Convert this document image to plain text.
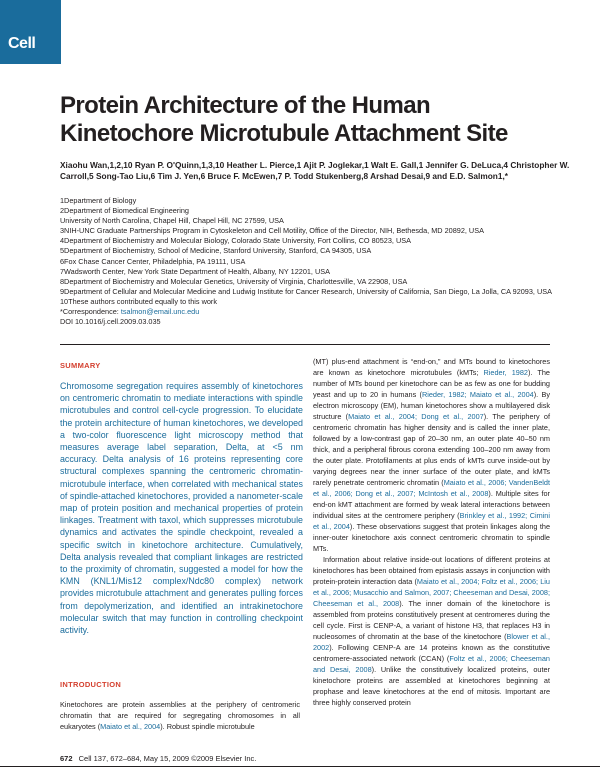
Cell
Protein Architecture of the Human
Kinetochore Microtubule Attachment Site

Xiaohu Wan,1,2,10 Ryan P. O'Quinn,1,3,10 Heather L. Pierce,1 Ajit P. Joglekar,1 Walt E. Gall,1 Jennifer G. DeLuca,4 Christopher W. Carroll,5 Song-Tao Liu,6 Tim J. Yen,6 Bruce F. McEwen,7 P. Todd Stukenberg,8 Arshad Desai,9 and E.D. Salmon1,*

1Department of Biology
2Department of Biomedical Engineering
University of North Carolina, Chapel Hill, Chapel Hill, NC 27599, USA
3NIH-UNC Graduate Partnerships Program in Cytoskeleton and Cell Motility, Office of the Director, NIH, Bethesda, MD 20892, USA
4Department of Biochemistry and Molecular Biology, Colorado State University, Fort Collins, CO 80523, USA
5Department of Biochemistry, School of Medicine, Stanford University, Stanford, CA 94305, USA
6Fox Chase Cancer Center, Philadelphia, PA 19111, USA
7Wadsworth Center, New York State Department of Health, Albany, NY 12201, USA
8Department of Biochemistry and Molecular Genetics, University of Virginia, Charlottesville, VA 22908, USA
9Department of Cellular and Molecular Medicine and Ludwig Institute for Cancer Research, University of California, San Diego, La Jolla, CA 92093, USA
10These authors contributed equally to this work
*Correspondence: tsalmon@email.unc.edu
DOI 10.1016/j.cell.2009.03.035
SUMMARY

Chromosome segregation requires assembly of kinetochores on centromeric chromatin to mediate interactions with spindle microtubules and control cell-cycle progression. To elucidate the protein architecture of human kinetochores, we developed a two-color fluorescence light microscopy method that measures average label separation, Delta, at <5 nm accuracy. Delta analysis of 16 proteins representing core structural complexes spanning the centromeric chromatin-microtubule interface, when correlated with mechanical states of spindle-attached kinetochores, provided a nanometer-scale map of protein position and mechanical properties of protein linkages. Treatment with taxol, which suppresses microtubule dynamics and activates the spindle checkpoint, revealed a specific switch in kinetochore architecture. Cumulatively, Delta analysis revealed that compliant linkages are restricted to the proximity of chromatin, suggested a model for how the KMN (KNL1/Mis12 complex/Ndc80 complex) network provides microtubule attachment and generates pulling forces from depolymerization, and identified an intrakinetochore molecular switch that may function in controlling checkpoint activity.

INTRODUCTION

Kinetochores are protein assemblies at the periphery of centromeric chromatin that are required for segregating chromosomes in all eukaryotes (Maiato et al., 2004). Robust spindle microtubule

(MT) plus-end attachment is “end-on,” and MTs bound to kinetochores are known as kinetochore microtubules (kMTs; Rieder, 1982). The number of MTs bound per kinetochore can be as few as one for budding yeast and up to 20 in humans (Rieder, 1982; Maiato et al., 2004). By electron microscopy (EM), human kinetochores show a multilayered disk structure (Maiato et al., 2004; Dong et al., 2007). The periphery of centromeric chromatin has higher density and is called the inner plate, followed by a low-contrast gap of 20–30 nm, an outer plate 40–50 nm thick, and a peripheral fibrous corona extending 100–200 nm away from the outer plate. Protofilaments at plus ends of kMTs curve inside-out by varying degrees near the inner surface of the outer plate, and kMTs rarely penetrate centromeric chromatin (Maiato et al., 2006; VandenBeldt et al., 2006; Dong et al., 2007; McIntosh et al., 2008). Multiple sites for end-on kMT attachment are formed by weak lateral interactions between individual sites at the centromere periphery (Brinkley et al., 1992; Cimini et al., 2004). These observations suggest that protein linkages along the inner-outer kinetochore axis connect centromeric chromatin to spindle MTs.

Information about relative inside-out locations of different proteins at kinetochores has been obtained from epistasis assays in conjunction with protein-protein interaction data (Maiato et al., 2004; Foltz et al., 2006; Liu et al., 2006; Musacchio and Salmon, 2007; Cheeseman and Desai, 2008; Cheeseman et al., 2008). The inner domain of the kinetochore is assembled from proteins constitutively present at centromeres during the cell cycle. First is CENP-A, a variant of histone H3, that replaces H3 in nucleosomes of chromatin at the base of the kinetochore (Blower et al., 2002). Following CENP-A are 14 proteins known as the constitutive centromere-associated network (CCAN) (Foltz et al., 2006; Cheeseman and Desai, 2008). Unlike the constitutively localized proteins, outer kinetochore proteins are assembled at kinetochores beginning at prophase and leave kinetochores at the end of mitosis. Important are three highly conserved protein

672 Cell 137, 672–684, May 15, 2009 ©2009 Elsevier Inc.
